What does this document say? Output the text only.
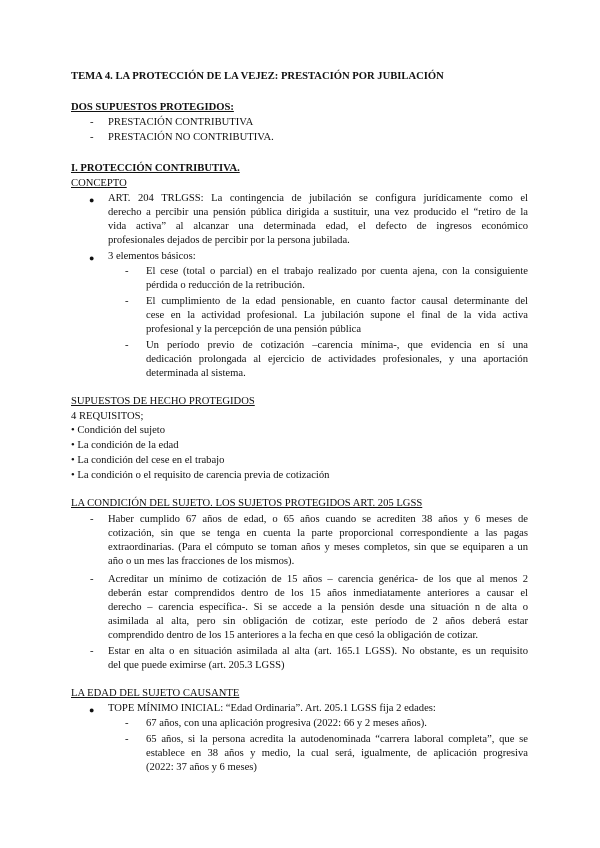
TEMA 4. LA PROTECCIÓN DE LA VEJEZ: PRESTACIÓN POR JUBILACIÓN
DOS SUPUESTOS PROTEGIDOS:
- PRESTACIÓN CONTRIBUTIVA
- PRESTACIÓN NO CONTRIBUTIVA.
I. PROTECCIÓN CONTRIBUTIVA.
CONCEPTO
● ART. 204 TRLGSS: La contingencia de jubilación se configura jurídicamente como el
derecho a percibir una pensión pública dirigida a sustituir, una vez producido el “retiro de la
vida activa” al alcanzar una determinada edad, el defecto de ingresos económico
profesionales dejados de percibir por la persona jubilada.
● 3 elementos básicos:
- El cese (total o parcial) en el trabajo realizado por cuenta ajena, con la consiguiente
pérdida o reducción de la retribución.
- El cumplimiento de la edad pensionable, en cuanto factor causal determinante del
cese en la actividad profesional. La jubilación supone el final de la vida activa
profesional y la percepción de una pensión pública
- Un período previo de cotización –carencia mínima-, que evidencia en sí una
dedicación prolongada al ejercicio de actividades profesionales, y una aportación
determinada al sistema.
SUPUESTOS DE HECHO PROTEGIDOS
4 REQUISITOS;
• Condición del sujeto
• La condición de la edad
• La condición del cese en el trabajo
• La condición o el requisito de carencia previa de cotización
LA CONDICIÓN DEL SUJETO. LOS SUJETOS PROTEGIDOS ART. 205 LGSS
- Haber cumplido 67 años de edad, o 65 años cuando se acrediten 38 años y 6 meses de
cotización, sin que se tenga en cuenta la parte proporcional correspondiente a las pagas
extraordinarias. (Para el cómputo se toman años y meses completos, sin que se equiparen a un
año o un mes las fracciones de los mismos).
- Acreditar un mínimo de cotización de 15 años – carencia genérica- de los que al menos 2
deberán estar comprendidos dentro de los 15 años inmediatamente anteriores a causar el
derecho – carencia específica-. Si se accede a la pensión desde una situación n de alta o
asimilada al alta, pero sin obligación de cotizar, este período de 2 años deberá estar
comprendido dentro de los 15 anteriores a la fecha en que cesó la obligación de cotizar.
- Estar en alta o en situación asimilada al alta (art. 165.1 LGSS). No obstante, es un requisito
del que puede eximirse (art. 205.3 LGSS)
LA EDAD DEL SUJETO CAUSANTE
● TOPE MÍNIMO INICIAL: “Edad Ordinaria”. Art. 205.1 LGSS fija 2 edades:
- 67 años, con una aplicación progresiva (2022: 66 y 2 meses años).
- 65 años, si la persona acredita la autodenominada “carrera laboral completa”, que se
establece en 38 años y medio, la cual será, igualmente, de aplicación progresiva
(2022: 37 años y 6 meses)
